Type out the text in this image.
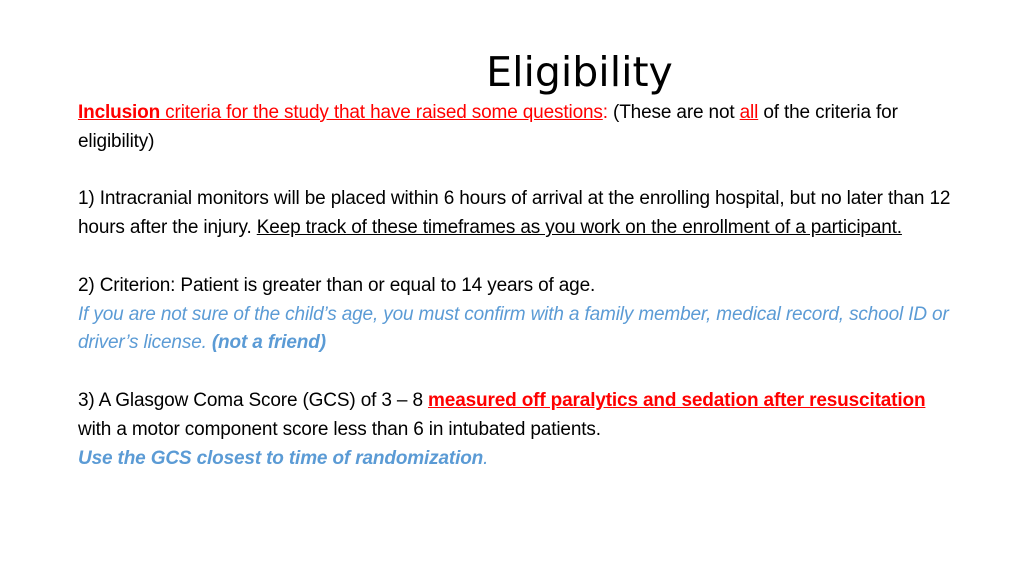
Eligibility

Inclusion criteria for the study that have raised some questions: (These are not all of the criteria for eligibility)

1) Intracranial monitors will be placed within 6 hours of arrival at the enrolling hospital, but no later than 12 hours after the injury. Keep track of these timeframes as you work on the enrollment of a participant.

2) Criterion: Patient is greater than or equal to 14 years of age.

If you are not sure of the child’s age, you must confirm with a family member, medical record, school ID or driver’s license. (not a friend)

3) A Glasgow Coma Score (GCS) of 3 – 8 measured off paralytics and sedation after resuscitation with a motor component score less than 6 in intubated patients.

Use the GCS closest to time of randomization.
